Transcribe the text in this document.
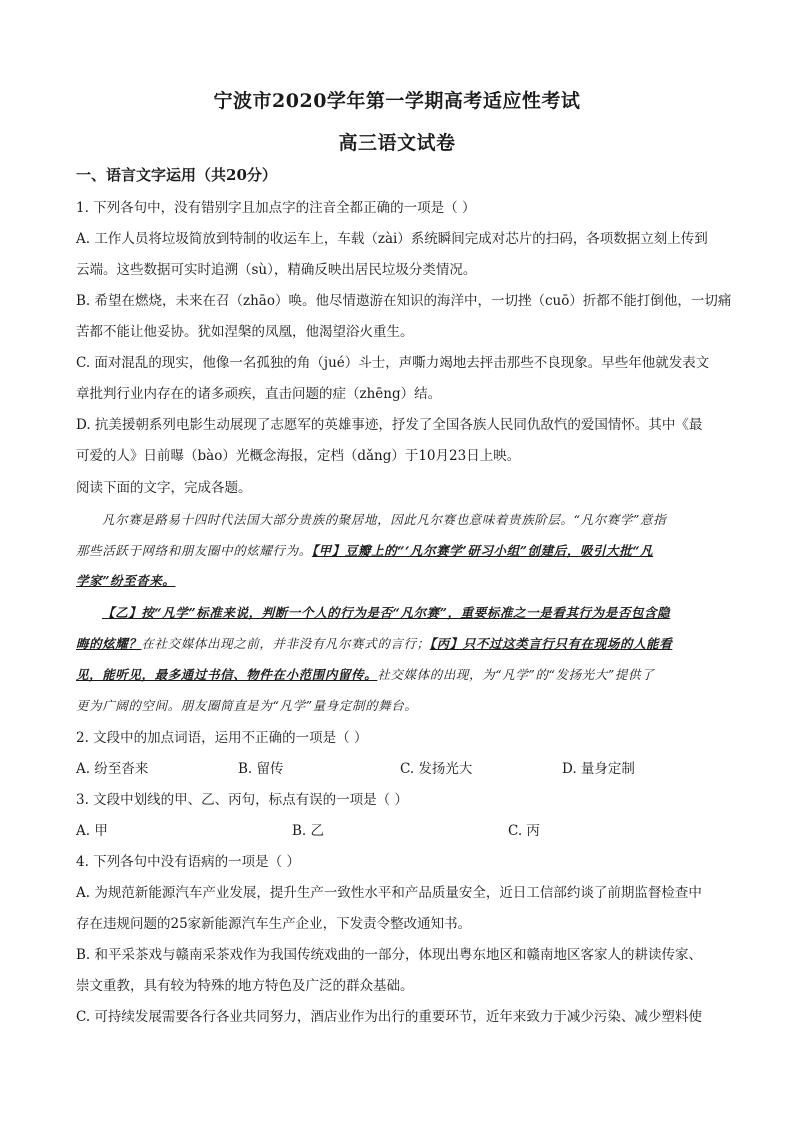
宁波市2020学年第一学期高考适应性考试
高三语文试卷
一、语言文字运用（共20分）
1. 下列各句中，没有错别字且加点字的注音全都正确的一项是（ ）
A. 工作人员将垃圾简放到特制的收运车上，车载（zài）系统瞬间完成对芯片的扫码，各项数据立刻上传到
云端。这些数据可实时追溯（sù），精确反映出居民垃圾分类情况。
B. 希望在燃烧，未来在召（zhāo）唤。他尽情遨游在知识的海洋中，一切挫（cuō）折都不能打倒他，一切痛
苦都不能让他妥协。犹如涅槃的凤凰，他渴望浴火重生。
C. 面对混乱的现实，他像一名孤独的角（jué）斗士，声嘶力竭地去抨击那些不良现象。早些年他就发表文
章批判行业内存在的诸多顽疾，直击问题的症（zhēng）结。
D. 抗美援朝系列电影生动展现了志愿军的英雄事迹，抒发了全国各族人民同仇敌忾的爱国情怀。其中《最
可爱的人》日前曝（bào）光概念海报，定档（dǎng）于10月23日上映。
阅读下面的文字，完成各题。
凡尔赛是路易十四时代法国大部分贵族的聚居地，因此凡尔赛也意味着贵族阶层。“凡尔赛学”意指
那些活跃于网络和朋友圈中的炫耀行为。【甲】豆瓣上的“‘凡尔赛学’研习小组”创建后，吸引大批“凡
学家”纷至沓来。
【乙】按“凡学”标准来说，判断一个人的行为是否“凡尔赛”，重要标准之一是看其行为是否包含隐
晦的炫耀？在社交媒体出现之前，并非没有凡尔赛式的言行；【丙】只不过这类言行只有在现场的人能看
见，能听见，最多通过书信、物件在小范围内留传。社交媒体的出现，为“凡学”的“发扬光大”提供了
更为广阔的空间。朋友圈简直是为“凡学”量身定制的舞台。
2. 文段中的加点词语，运用不正确的一项是（ ）
A. 纷至沓来	B. 留传	C. 发扬光大	D. 量身定制
3. 文段中划线的甲、乙、丙句，标点有误的一项是（ ）
A. 甲	B. 乙	C. 丙
4. 下列各句中没有语病的一项是（ ）
A. 为规范新能源汽车产业发展，提升生产一致性水平和产品质量安全，近日工信部约谈了前期监督检查中
存在违规问题的25家新能源汽车生产企业，下发责令整改通知书。
B. 和平采茶戏与赣南采茶戏作为我国传统戏曲的一部分，体现出粤东地区和赣南地区客家人的耕读传家、
崇文重教，具有较为特殊的地方特色及广泛的群众基础。
C. 可持续发展需要各行各业共同努力，酒店业作为出行的重要环节，近年来致力于减少污染、减少塑料使
